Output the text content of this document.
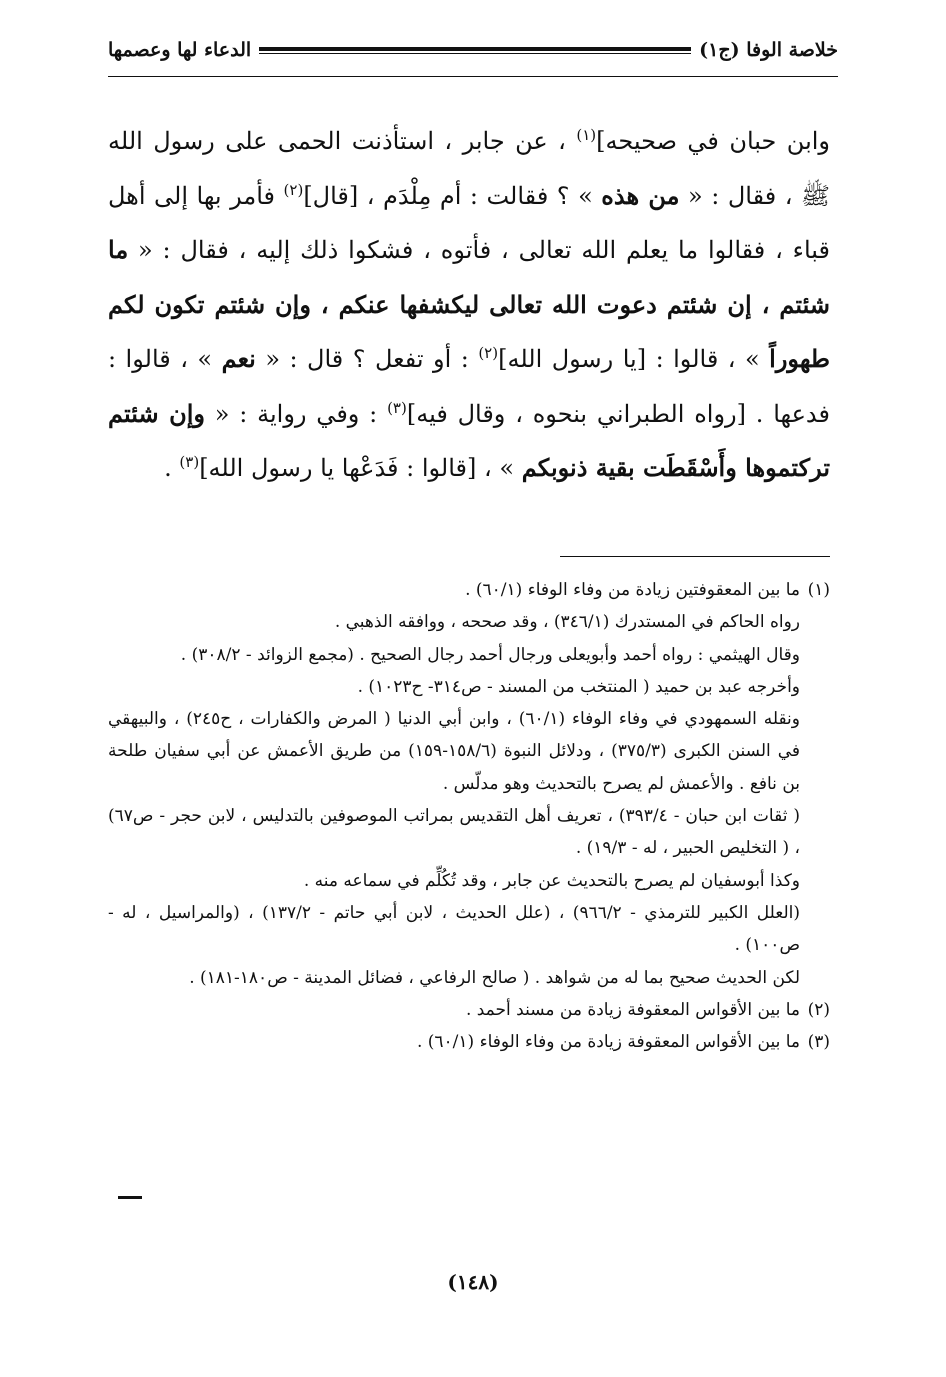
خلاصة الوفا (ج١)
الدعاء لها وعصمها

وابن حبان في صحيحه]$^{(١)}$ ، عن جابر ، استأذنت الحمى على رسول الله ﷺ ، فقال : « من هذه » ؟ فقالت : أم مِلْدَم ، [قال]$^{(٢)}$ فأمر بها إلى أهل قباء ، فقالوا ما يعلم الله تعالى ، فأتوه ، فشكوا ذلك إليه ، فقال : « ما شئتم ، إن شئتم دعوت الله تعالى ليكشفها عنكم ، وإن شئتم تكون لكم طهوراً » ، قالوا : [يا رسول الله]$^{(٢)}$ : أو تفعل ؟ قال : « نعم » ، قالوا : فدعها . [رواه الطبراني بنحوه ، وقال فيه]$^{(٣)}$ : وفي رواية : « وإن شئتم تركتموها وأَسْقَطَت بقية ذنوبكم » ، [قالوا : فَدَعْها يا رسول الله]$^{(٣)}$ .

(١)ما بين المعقوفتين زيادة من وفاء الوفاء (٦٠/١) .

رواه الحاكم في المستدرك (٣٤٦/١) ، وقد صححه ، ووافقه الذهبي .

وقال الهيثمي : رواه أحمد وأبويعلى ورجال أحمد رجال الصحيح . (مجمع الزوائد - ٣٠٨/٢) .

وأخرجه عبد بن حميد ( المنتخب من المسند - ص٣١٤- ح١٠٢٣) .

ونقله السمهودي في وفاء الوفاء (٦٠/١) ، وابن أبي الدنيا ( المرض والكفارات ، ح٢٤٥) ، والبيهقي في السنن الكبرى (٣٧٥/٣) ، ودلائل النبوة (١٥٨/٦-١٥٩) من طريق الأعمش عن أبي سفيان طلحة بن نافع . والأعمش لم يصرح بالتحديث وهو مدلّس .

( ثقات ابن حبان - ٣٩٣/٤) ، تعريف أهل التقديس بمراتب الموصوفين بالتدليس ، لابن حجر - ص٦٧) ، ( التخليص الحبير ، له - ١٩/٣) .

وكذا أبوسفيان لم يصرح بالتحديث عن جابر ، وقد تُكُلِّم في سماعه منه .

(العلل الكبير للترمذي - ٩٦٦/٢) ، (علل الحديث ، لابن أبي حاتم - ١٣٧/٢) ، (والمراسيل ، له - ص١٠٠) .

لكن الحديث صحيح بما له من شواهد . ( صالح الرفاعي ، فضائل المدينة - ص١٨٠-١٨١) .

(٢)ما بين الأقواس المعقوفة زيادة من مسند أحمد .

(٣)ما بين الأقواس المعقوفة زيادة من وفاء الوفاء (٦٠/١) .

(١٤٨)
